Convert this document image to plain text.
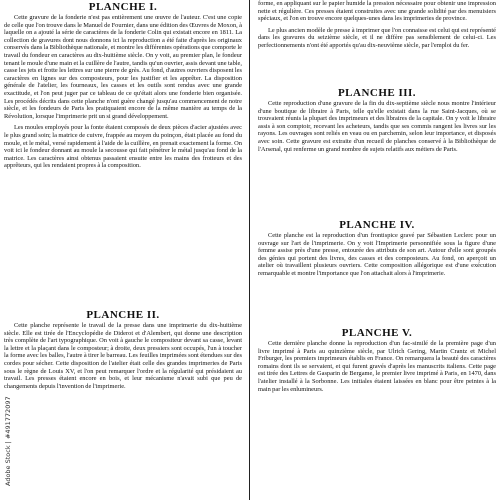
PLANCHE I.

Cette gravure de la fonderie n'est pas entièrement une œuvre de l'auteur. C'est une copie de celle que l'on trouve dans le Manuel de Fournier, dans une édition des Œuvres de Moxon, à laquelle on a ajouté la série de caractères de la fonderie Colin qui existait encore en 1811. La collection de gravures dont nous donnons ici la reproduction a été faite d'après les originaux conservés dans la Bibliothèque nationale, et montre les différentes opérations que comporte le travail du fondeur en caractères au dix-huitième siècle. On y voit, au premier plan, le fondeur tenant le moule d'une main et la cuillère de l'autre, tandis qu'un ouvrier, assis devant une table, casse les jets et frotte les lettres sur une pierre de grès. Au fond, d'autres ouvriers disposent les caractères en lignes sur des composteurs, pour les justifier et les apprêter. La disposition générale de l'atelier, les fourneaux, les casses et les outils sont rendus avec une grande exactitude, et l'on peut juger par ce tableau de ce qu'était alors une fonderie bien organisée. Les procédés décrits dans cette planche n'ont guère changé jusqu'au commencement de notre siècle, et les fondeurs de Paris les pratiquaient encore de la même manière au temps de la Révolution, lorsque l'imprimerie prit un si grand développement.

Les moules employés pour la fonte étaient composés de deux pièces d'acier ajustées avec le plus grand soin; la matrice de cuivre, frappée au moyen du poinçon, était placée au fond du moule, et le métal, versé rapidement à l'aide de la cuillère, en prenait exactement la forme. On voit ici le fondeur donnant au moule la secousse qui fait pénétrer le métal jusqu'au fond de la matrice. Les caractères ainsi obtenus passaient ensuite entre les mains des frotteurs et des apprêteurs, qui les rendaient propres à la composition.

PLANCHE II.

Cette planche représente le travail de la presse dans une imprimerie du dix-huitième siècle. Elle est tirée de l'Encyclopédie de Diderot et d'Alembert, qui donne une description très complète de l'art typographique. On voit à gauche le compositeur devant sa casse, levant la lettre et la plaçant dans le composteur; à droite, deux pressiers sont occupés, l'un à toucher la forme avec les balles, l'autre à tirer le barreau. Les feuilles imprimées sont étendues sur des cordes pour sécher. Cette disposition de l'atelier était celle des grandes imprimeries de Paris sous le règne de Louis XV, et l'on peut remarquer l'ordre et la régularité qui présidaient au travail. Les presses étaient encore en bois, et leur mécanisme n'avait subi que peu de changements depuis l'invention de l'imprimerie.

Adobe Stock | #491772097

forme, en appliquant sur le papier humide la pression nécessaire pour obtenir une impression nette et régulière. Ces presses étaient construites avec une grande solidité par des menuisiers spéciaux, et l'on en trouve encore quelques-unes dans les imprimeries de province.

Le plus ancien modèle de presse à imprimer que l'on connaisse est celui qui est représenté dans les gravures du seizième siècle, et il ne diffère pas sensiblement de celui-ci. Les perfectionnements n'ont été apportés qu'au dix-neuvième siècle, par l'emploi du fer.

PLANCHE III.

Cette reproduction d'une gravure de la fin du dix-septième siècle nous montre l'intérieur d'une boutique de libraire à Paris, telle qu'elle existait dans la rue Saint-Jacques, où se trouvaient réunis la plupart des imprimeurs et des libraires de la capitale. On y voit le libraire assis à son comptoir, recevant les acheteurs, tandis que ses commis rangent les livres sur les rayons. Les ouvrages sont reliés en veau ou en parchemin, selon leur importance, et disposés avec soin. Cette gravure est extraite d'un recueil de planches conservé à la Bibliothèque de l'Arsenal, qui renferme un grand nombre de sujets relatifs aux métiers de Paris.

PLANCHE IV.

Cette planche est la reproduction d'un frontispice gravé par Sébastien Leclerc pour un ouvrage sur l'art de l'imprimerie. On y voit l'Imprimerie personnifiée sous la figure d'une femme assise près d'une presse, entourée des attributs de son art. Autour d'elle sont groupés des génies qui portent des livres, des casses et des composteurs. Au fond, on aperçoit un atelier où travaillent plusieurs ouvriers. Cette composition allégorique est d'une exécution remarquable et montre l'importance que l'on attachait alors à l'imprimerie.

PLANCHE V.

Cette dernière planche donne la reproduction d'un fac-similé de la première page d'un livre imprimé à Paris au quinzième siècle, par Ulrich Gering, Martin Crantz et Michel Friburger, les premiers imprimeurs établis en France. On remarquera la beauté des caractères romains dont ils se servaient, et qui furent gravés d'après les manuscrits italiens. Cette page est tirée des Lettres de Gasparin de Bergame, le premier livre imprimé à Paris, en 1470, dans l'atelier installé à la Sorbonne. Les initiales étaient laissées en blanc pour être peintes à la main par les enlumineurs.
